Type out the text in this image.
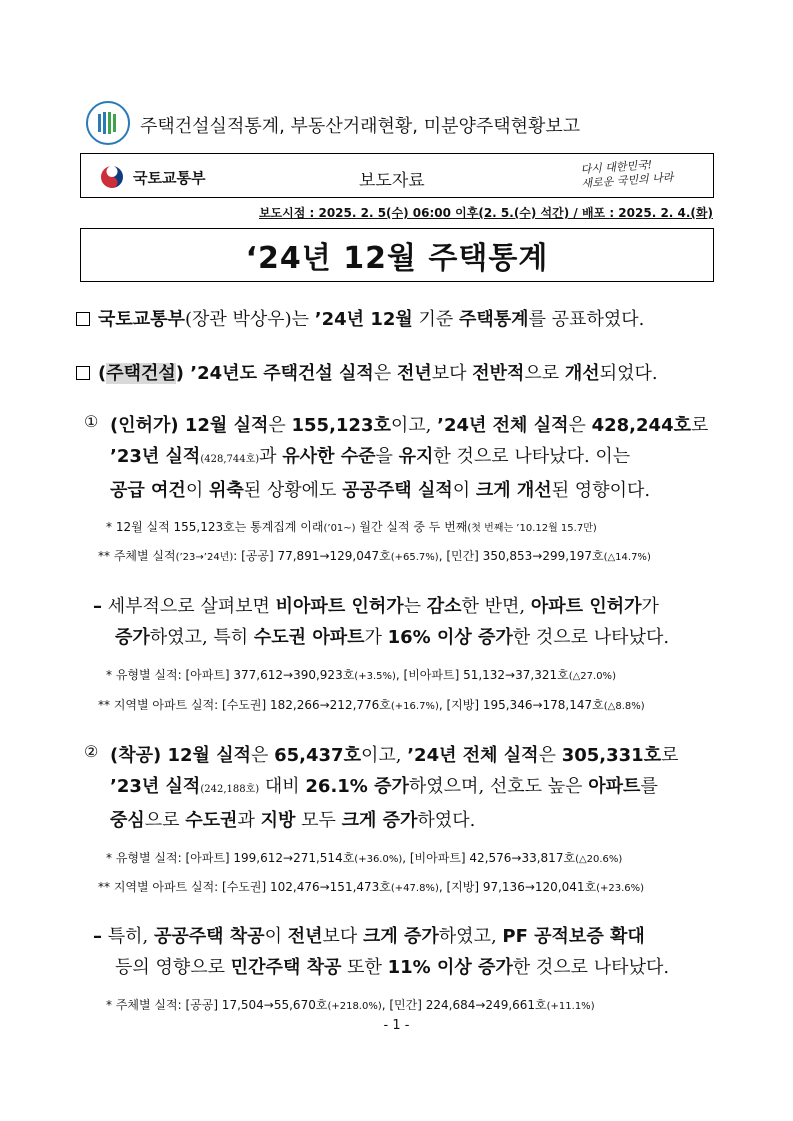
주택건설실적통계, 부동산거래현황, 미분양주택현황보고
국토교통부	보도자료
다시 대한민국!
새로운 국민의 나라
보도시점 : 2025. 2. 5(수) 06:00 이후(2. 5.(수) 석간) / 배포 : 2025. 2. 4.(화)
‘24년 12월 주택통계
국토교통부(장관 박상우)는 ’24년 12월 기준 주택통계를 공표하였다.
(주택건설) ’24년도 주택건설 실적은 전년보다 전반적으로 개선되었다.
① (인허가) 12월 실적은 155,123호이고, ’24년 전체 실적은 428,244호로
’23년 실적(428,744호)과 유사한 수준을 유지한 것으로 나타났다. 이는
공급 여건이 위축된 상황에도 공공주택 실적이 크게 개선된 영향이다.
* 12월 실적 155,123호는 통계집계 이래(’01~) 월간 실적 중 두 번째(첫 번째는 ’10.12월 15.7만)
** 주체별 실적(’23→’24년): [공공] 77,891→129,047호(+65.7%), [민간] 350,853→299,197호(△14.7%)
– 세부적으로 살펴보면 비아파트 인허가는 감소한 반면, 아파트 인허가가
증가하였고, 특히 수도권 아파트가 16% 이상 증가한 것으로 나타났다.
* 유형별 실적: [아파트] 377,612→390,923호(+3.5%), [비아파트] 51,132→37,321호(△27.0%)
** 지역별 아파트 실적: [수도권] 182,266→212,776호(+16.7%), [지방] 195,346→178,147호(△8.8%)
② (착공) 12월 실적은 65,437호이고, ’24년 전체 실적은 305,331호로
’23년 실적(242,188호) 대비 26.1% 증가하였으며, 선호도 높은 아파트를
중심으로 수도권과 지방 모두 크게 증가하였다.
* 유형별 실적: [아파트] 199,612→271,514호(+36.0%), [비아파트] 42,576→33,817호(△20.6%)
** 지역별 아파트 실적: [수도권] 102,476→151,473호(+47.8%), [지방] 97,136→120,041호(+23.6%)
– 특히, 공공주택 착공이 전년보다 크게 증가하였고, PF 공적보증 확대
등의 영향으로 민간주택 착공 또한 11% 이상 증가한 것으로 나타났다.
* 주체별 실적: [공공] 17,504→55,670호(+218.0%), [민간] 224,684→249,661호(+11.1%)
- 1 -
